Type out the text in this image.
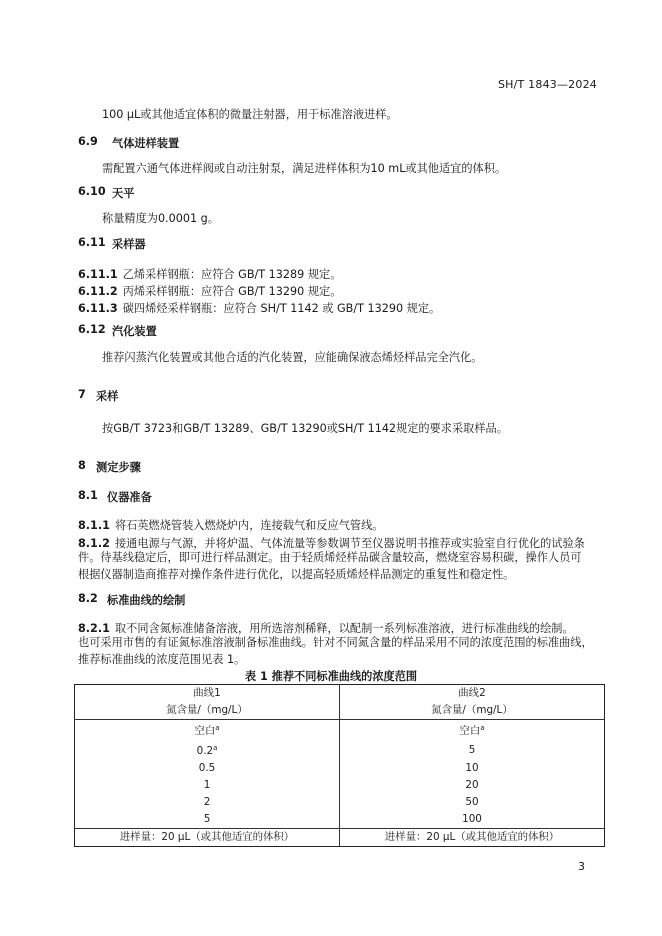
SH/T 1843—2024
100 µL或其他适宜体积的微量注射器，用于标准溶液进样。
6.9 气体进样装置
需配置六通气体进样阀或自动注射泵，满足进样体积为10 mL或其他适宜的体积。
6.10 天平
称量精度为0.0001 g。
6.11 采样器
6.11.1 乙烯采样钢瓶：应符合 GB/T 13289 规定。
6.11.2 丙烯采样钢瓶：应符合 GB/T 13290 规定。
6.11.3 碳四烯烃采样钢瓶：应符合 SH/T 1142 或 GB/T 13290 规定。
6.12 汽化装置
推荐闪蒸汽化装置或其他合适的汽化装置，应能确保液态烯烃样品完全汽化。
7 采样
按GB/T 3723和GB/T 13289、GB/T 13290或SH/T 1142规定的要求采取样品。
8 测定步骤
8.1 仪器准备
8.1.1 将石英燃烧管装入燃烧炉内，连接载气和反应气管线。
8.1.2 接通电源与气源，并将炉温、气体流量等参数调节至仪器说明书推荐或实验室自行优化的试验条
件。待基线稳定后，即可进行样品测定。由于轻质烯烃样品碳含量较高，燃烧室容易积碳，操作人员可
根据仪器制造商推荐对操作条件进行优化，以提高轻质烯烃样品测定的重复性和稳定性。
8.2 标准曲线的绘制
8.2.1 取不同含氮标准储备溶液，用所选溶剂稀释，以配制一系列标准溶液，进行标准曲线的绘制。
也可采用市售的有证氮标准溶液制备标准曲线。针对不同氮含量的样品采用不同的浓度范围的标准曲线，
推荐标准曲线的浓度范围见表 1。
表 1 推荐不同标准曲线的浓度范围
曲线1	曲线2
氮含量/（mg/L）	氮含量/（mg/L）
空白$^a$	空白$^a$
0.2$^a$	5
0.5	10
1	20
2	50
5	100
进样量：20 µL（或其他适宜的体积）	进样量：20 µL（或其他适宜的体积）
3
